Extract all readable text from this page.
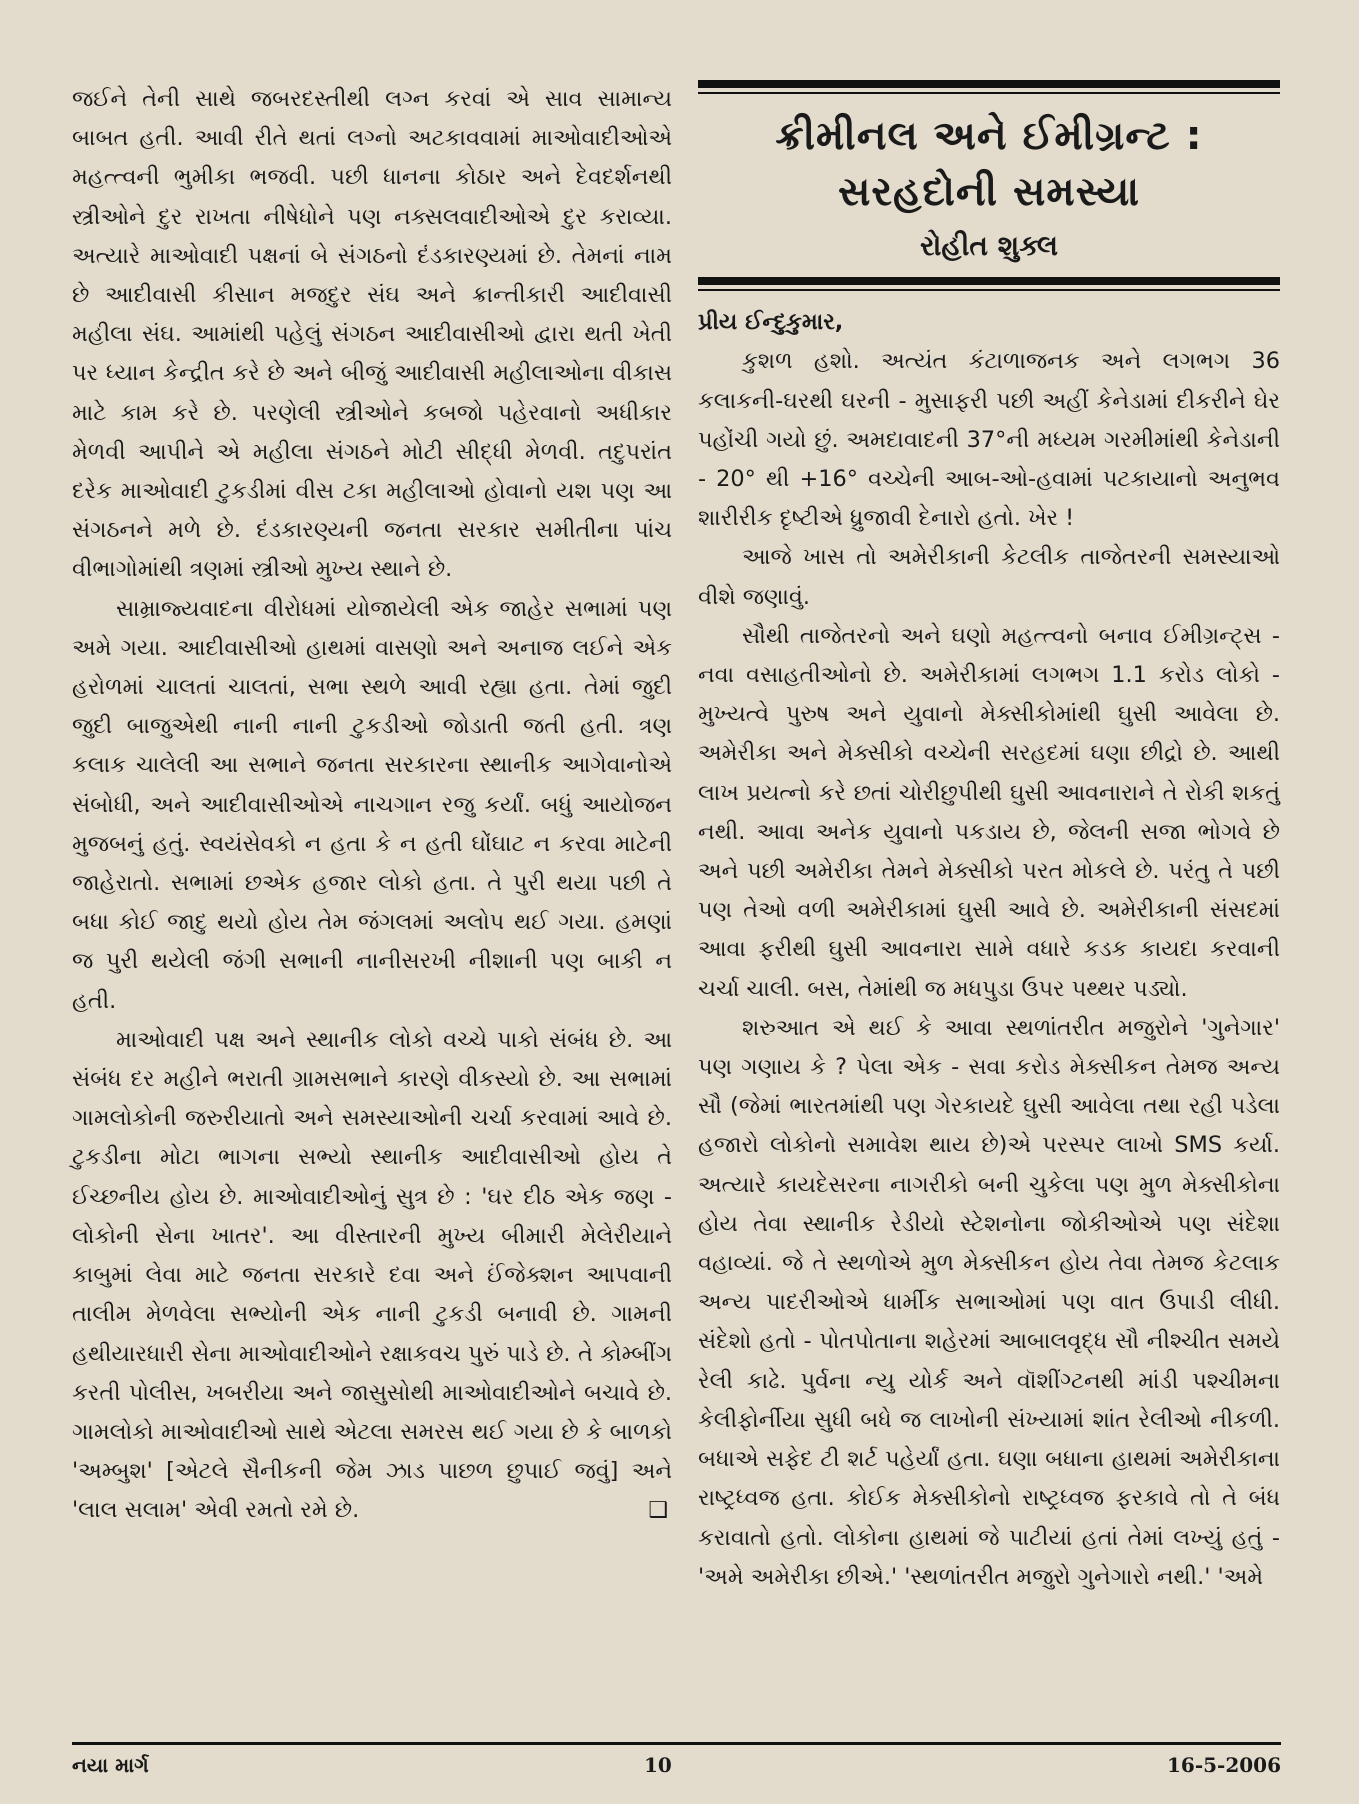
જઈને તેની સાથે જબરદસ્તીથી લગ્ન કરવાં એ સાવ સામાન્ય બાબત હતી. આવી રીતે થતાં લગ્નો અટકાવવામાં માઓવાદીઓએ મહત્ત્વની ભુમીકા ભજવી. પછી ધાનના કોઠાર અને દેવદર્શનથી સ્ત્રીઓને દુર રાખતા નીષેધોને પણ નક્સલવાદીઓએ દુર કરાવ્યા. અત્યારે માઓવાદી પક્ષનાં બે સંગઠનો દંડકારણ્યમાં છે. તેમનાં નામ છે આદીવાસી કીસાન મજદુર સંઘ અને ક્રાન્તીકારી આદીવાસી મહીલા સંઘ. આમાંથી પહેલું સંગઠન આદીવાસીઓ દ્વારા થતી ખેતી પર ધ્યાન કેન્દ્રીત કરે છે અને બીજું આદીવાસી મહીલાઓના વીકાસ માટે કામ કરે છે. પરણેલી સ્ત્રીઓને કબજો પહેરવાનો અધીકાર મેળવી આપીને એ મહીલા સંગઠને મોટી સીદ્ધી મેળવી. તદુપરાંત દરેક માઓવાદી ટુકડીમાં વીસ ટકા મહીલાઓ હોવાનો યશ પણ આ સંગઠનને મળે છે. દંડકારણ્યની જનતા સરકાર સમીતીના પાંચ વીભાગોમાંથી ત્રણમાં સ્ત્રીઓ મુખ્ય સ્થાને છે.

સામ્રાજ્યવાદના વીરોધમાં યોજાયેલી એક જાહેર સભામાં પણ અમે ગયા. આદીવાસીઓ હાથમાં વાસણો અને અનાજ લઈને એક હરોળમાં ચાલતાં ચાલતાં, સભા સ્થળે આવી રહ્યા હતા. તેમાં જુદી જુદી બાજુએથી નાની નાની ટુકડીઓ જોડાતી જતી હતી. ત્રણ કલાક ચાલેલી આ સભાને જનતા સરકારના સ્થાનીક આગેવાનોએ સંબોધી, અને આદીવાસીઓએ નાચગાન રજુ કર્યાં. બધું આયોજન મુજબનું હતું. સ્વયંસેવકો ન હતા કે ન હતી ઘોંઘાટ ન કરવા માટેની જાહેરાતો. સભામાં છએક હજાર લોકો હતા. તે પુરી થયા પછી તે બધા કોઈ જાદુ થયો હોય તેમ જંગલમાં અલોપ થઈ ગયા. હમણાં જ પુરી થયેલી જંગી સભાની નાનીસરખી નીશાની પણ બાકી ન હતી.

માઓવાદી પક્ષ અને સ્થાનીક લોકો વચ્ચે પાકો સંબંધ છે. આ સંબંધ દર મહીને ભરાતી ગ્રામસભાને કારણે વીકસ્યો છે. આ સભામાં ગામલોકોની જરુરીયાતો અને સમસ્યાઓની ચર્ચા કરવામાં આવે છે. ટુકડીના મોટા ભાગના સભ્યો સ્થાનીક આદીવાસીઓ હોય તે ઈચ્છનીય હોય છે. માઓવાદીઓનું સુત્ર છે : 'ઘર દીઠ એક જણ - લોકોની સેના ખાતર'. આ વીસ્તારની મુખ્ય બીમારી મેલેરીયાને કાબુમાં લેવા માટે જનતા સરકારે દવા અને ઈંજેક્શન આપવાની તાલીમ મેળવેલા સભ્યોની એક નાની ટુકડી બનાવી છે. ગામની હથીયારધારી સેના માઓવાદીઓને રક્ષાકવચ પુરું પાડે છે. તે કોમ્બીંગ કરતી પોલીસ, ખબરીયા અને જાસુસોથી માઓવાદીઓને બચાવે છે. ગામલોકો માઓવાદીઓ સાથે એટલા સમરસ થઈ ગયા છે કે બાળકો 'અમ્બુશ' [એટલે સૈનીકની જેમ ઝાડ પાછળ છુપાઈ જવું] અને 'લાલ સલામ' એવી રમતો રમે છે.	❑

ક્રીમીનલ અને ઈમીગ્રન્ટ :
સરહદોની સમસ્યા
રોહીત શુક્લ

પ્રીય ઈન્દુકુમાર,

કુશળ હશો. અત્યંત કંટાળાજનક અને લગભગ 36 કલાકની-ઘરથી ઘરની - મુસાફરી પછી અહીં કેનેડામાં દીકરીને ઘેર પહોંચી ગયો છું. અમદાવાદની 37°ની મધ્યમ ગરમીમાંથી કેનેડાની - 20° થી +16° વચ્ચેની આબ-ઓ-હવામાં પટકાયાનો અનુભવ શારીરીક દૃષ્ટીએ ધ્રુજાવી દેનારો હતો. ખેર !

આજે ખાસ તો અમેરીકાની કેટલીક તાજેતરની સમસ્યાઓ વીશે જણાવું.

સૌથી તાજેતરનો અને ઘણો મહત્ત્વનો બનાવ ઈમીગ્રન્ટ્સ - નવા વસાહતીઓનો છે. અમેરીકામાં લગભગ 1.1 કરોડ લોકો - મુખ્યત્વે પુરુષ અને યુવાનો મેક્સીકોમાંથી ઘુસી આવેલા છે. અમેરીકા અને મેક્સીકો વચ્ચેની સરહદમાં ઘણા છીદ્રો છે. આથી લાખ પ્રયત્નો કરે છતાં ચોરીછુપીથી ઘુસી આવનારાને તે રોકી શકતું નથી. આવા અનેક યુવાનો પકડાય છે, જેલની સજા ભોગવે છે અને પછી અમેરીકા તેમને મેક્સીકો પરત મોકલે છે. પરંતુ તે પછી પણ તેઓ વળી અમેરીકામાં ઘુસી આવે છે. અમેરીકાની સંસદમાં આવા ફરીથી ઘુસી આવનારા સામે વધારે કડક કાયદા કરવાની ચર્ચા ચાલી. બસ, તેમાંથી જ મધપુડા ઉપર પથ્થર પડ્યો.

શરુઆત એ થઈ કે આવા સ્થળાંતરીત મજુરોને 'ગુનેગાર' પણ ગણાય કે ? પેલા એક - સવા કરોડ મેક્સીકન તેમજ અન્ય સૌ (જેમાં ભારતમાંથી પણ ગેરકાયદે ઘુસી આવેલા તથા રહી પડેલા હજારો લોકોનો સમાવેશ થાય છે)એ પરસ્પર લાખો SMS કર્યા. અત્યારે કાયદેસરના નાગરીકો બની ચુકેલા પણ મુળ મેક્સીકોના હોય તેવા સ્થાનીક રેડીયો સ્ટેશનોના જોકીઓએ પણ સંદેશા વહાવ્યાં. જે તે સ્થળોએ મુળ મેક્સીકન હોય તેવા તેમજ કેટલાક અન્ય પાદરીઓએ ધાર્મીક સભાઓમાં પણ વાત ઉપાડી લીધી. સંદેશો હતો - પોતપોતાના શહેરમાં આબાલવૃદ્ધ સૌ નીશ્ચીત સમયે રેલી કાઢે. પુર્વના ન્યુ યોર્ક અને વૉશીંગ્ટનથી માંડી પશ્ચીમના કેલીફોર્નીયા સુધી બધે જ લાખોની સંખ્યામાં શાંત રેલીઓ નીકળી. બધાએ સફેદ ટી શર્ટ પહેર્યાં હતા. ઘણા બધાના હાથમાં અમેરીકાના રાષ્ટ્રધ્વજ હતા. કોઈક મેક્સીકોનો રાષ્ટ્રધ્વજ ફરકાવે તો તે બંધ કરાવાતો હતો. લોકોના હાથમાં જે પાટીયાં હતાં તેમાં લખ્યું હતું - 'અમે અમેરીકા છીએ.' 'સ્થળાંતરીત મજુરો ગુનેગારો નથી.' 'અમે

નયા માર્ગ	10	16-5-2006
